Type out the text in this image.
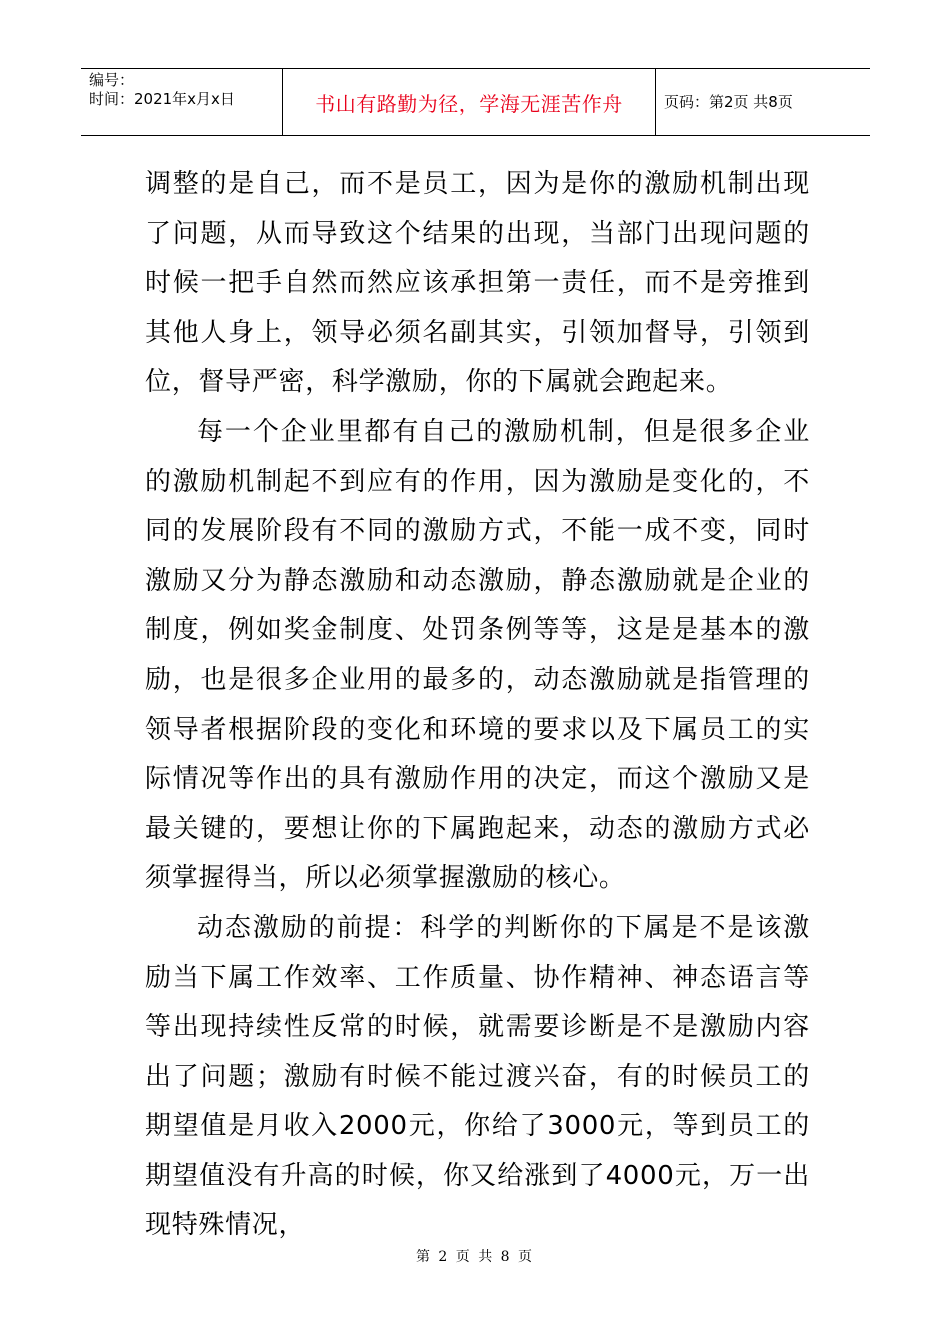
编号：
时间：2021年x月x日	书山有路勤为径，学海无涯苦作舟	页码：第2页 共8页

调整的是自己，而不是员工，因为是你的激励机制出现了问题，从而导致这个结果的出现，当部门出现问题的时候一把手自然而然应该承担第一责任，而不是旁推到其他人身上，领导必须名副其实，引领加督导，引领到位，督导严密，科学激励，你的下属就会跑起来。

每一个企业里都有自己的激励机制，但是很多企业的激励机制起不到应有的作用，因为激励是变化的，不同的发展阶段有不同的激励方式，不能一成不变，同时激励又分为静态激励和动态激励，静态激励就是企业的制度，例如奖金制度、处罚条例等等，这是是基本的激励，也是很多企业用的最多的，动态激励就是指管理的领导者根据阶段的变化和环境的要求以及下属员工的实际情况等作出的具有激励作用的决定，而这个激励又是最关键的，要想让你的下属跑起来，动态的激励方式必须掌握得当，所以必须掌握激励的核心。

动态激励的前提：科学的判断你的下属是不是该激励当下属工作效率、工作质量、协作精神、神态语言等等出现持续性反常的时候，就需要诊断是不是激励内容出了问题；激励有时候不能过渡兴奋，有的时候员工的期望值是月收入2000元，你给了3000元，等到员工的期望值没有升高的时候，你又给涨到了4000元，万一出现特殊情况，

第 2 页 共 8 页
